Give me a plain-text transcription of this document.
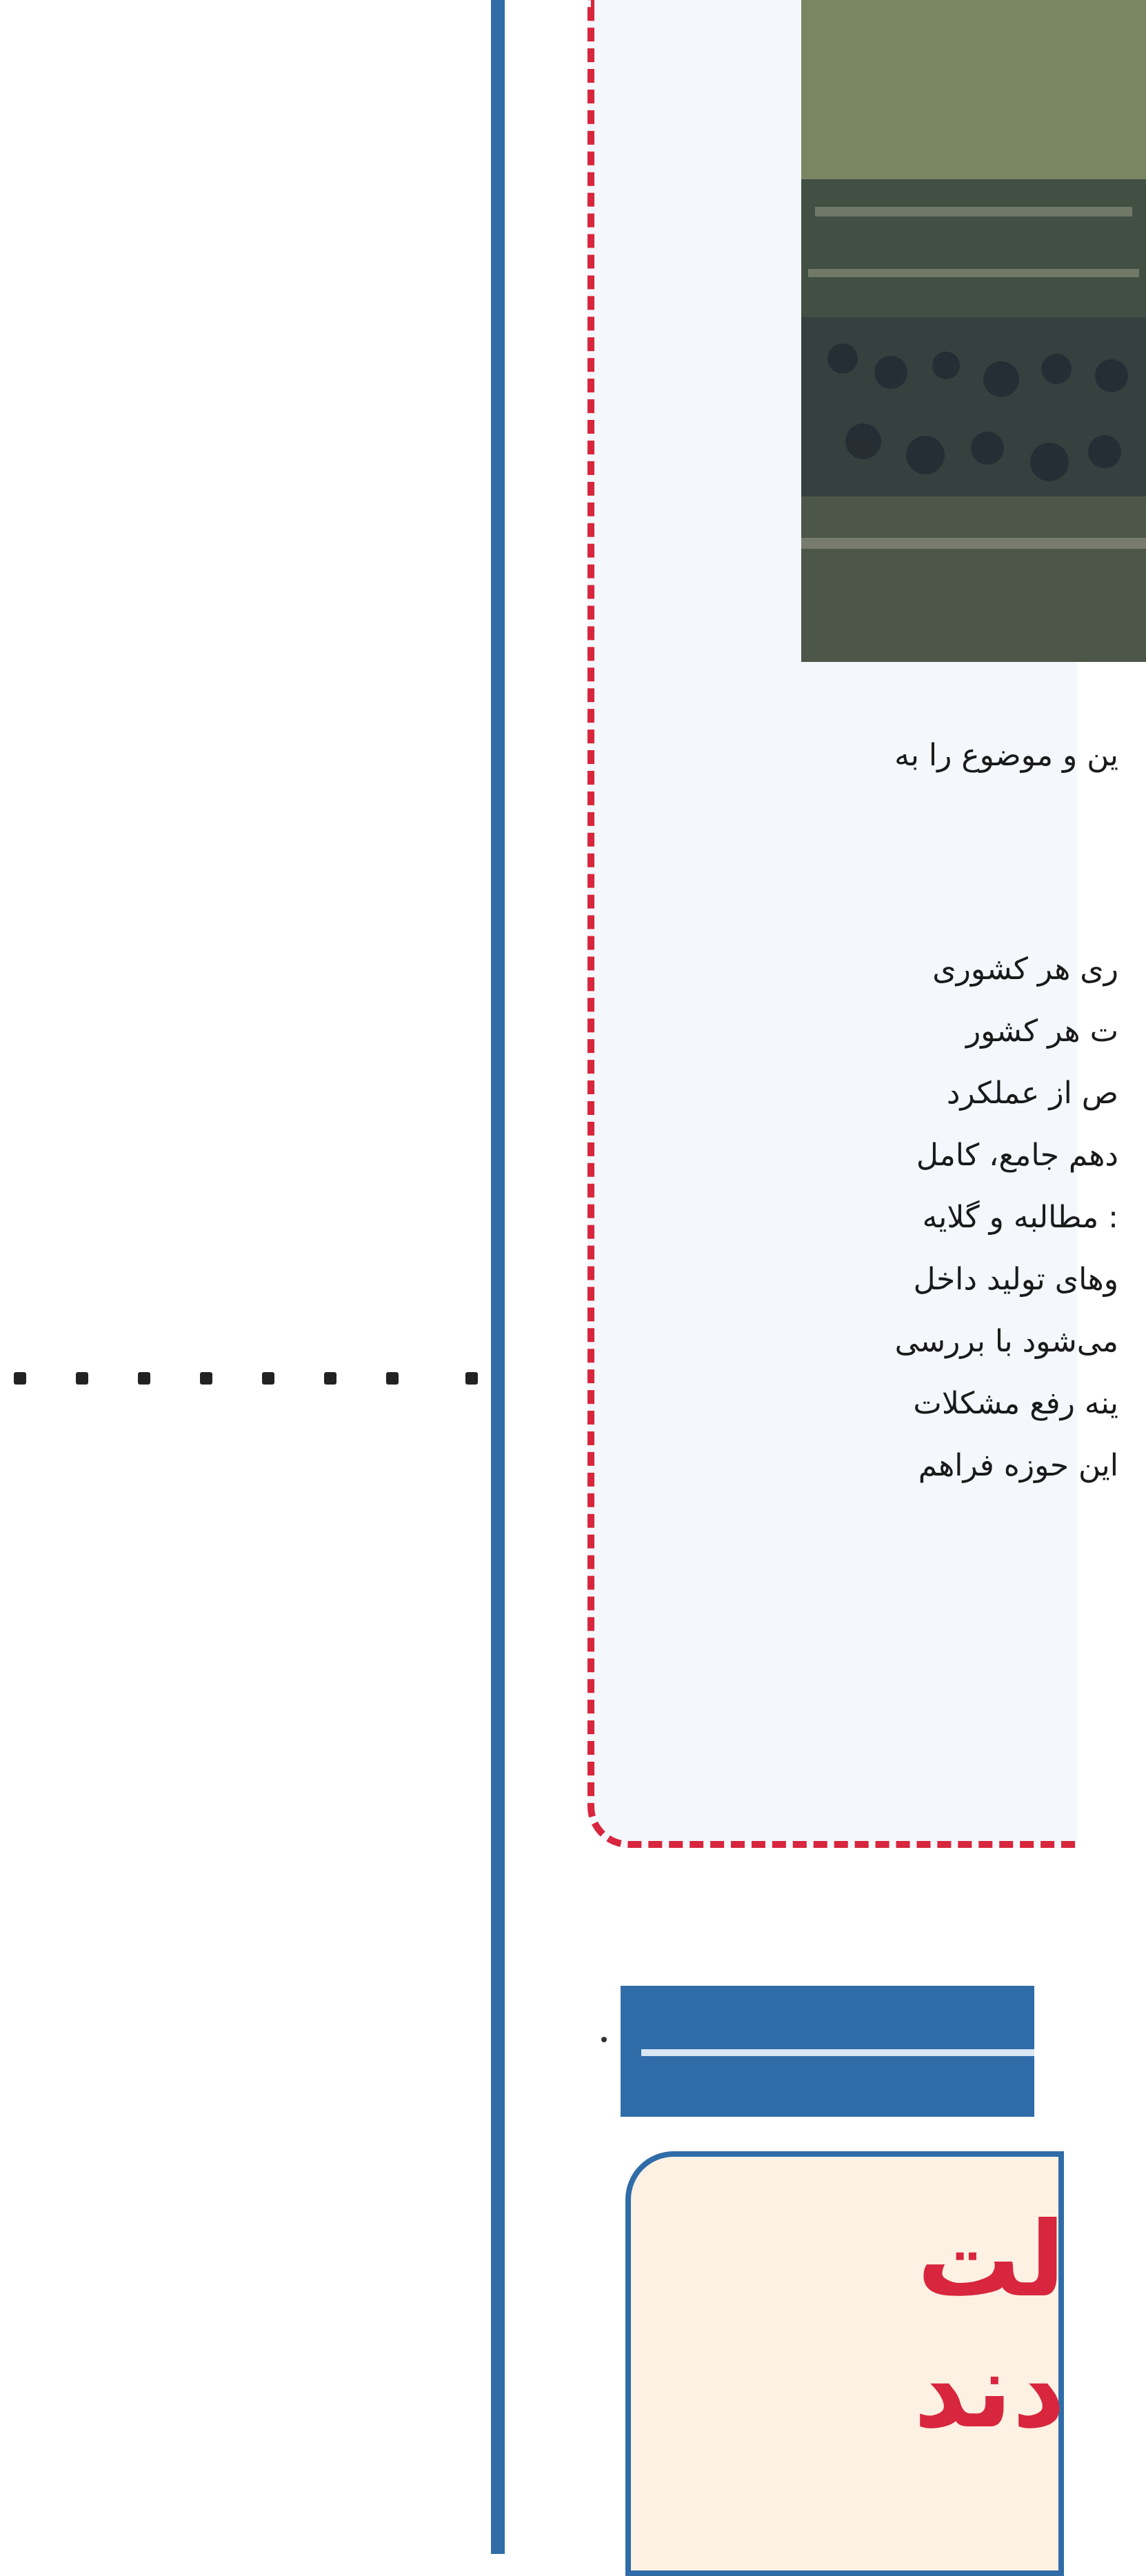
ین و موضوع را به
ری هر کشوری
ت هر کشور
ص از عملکرد
دهم جامع، کامل
: مطالبه و گلایه
وهای تولید داخل
می‌شود با بررسی
ینه رفع مشکلات
این حوزه فراهم
لت
دند
